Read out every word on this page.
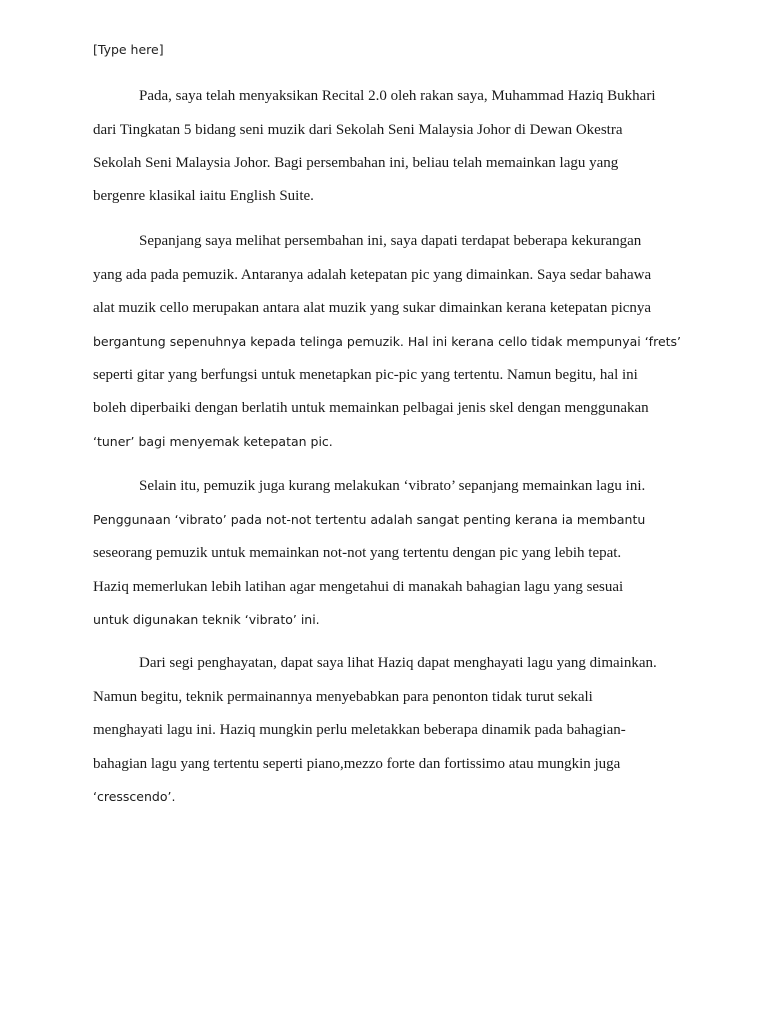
[Type here]
Pada, saya telah menyaksikan Recital 2.0 oleh rakan saya, Muhammad Haziq Bukhari
dari Tingkatan 5 bidang seni muzik dari Sekolah Seni Malaysia Johor di Dewan Okestra
Sekolah Seni Malaysia Johor. Bagi persembahan ini, beliau telah memainkan lagu yang
bergenre klasikal iaitu English Suite.
Sepanjang saya melihat persembahan ini, saya dapati terdapat beberapa kekurangan
yang ada pada pemuzik. Antaranya adalah ketepatan pic yang dimainkan. Saya sedar bahawa
alat muzik cello merupakan antara alat muzik yang sukar dimainkan kerana ketepatan picnya
bergantung sepenuhnya kepada telinga pemuzik. Hal ini kerana cello tidak mempunyai ‘frets’
seperti gitar yang berfungsi untuk menetapkan pic-pic yang tertentu. Namun begitu, hal ini
boleh diperbaiki dengan berlatih untuk memainkan pelbagai jenis skel dengan menggunakan
‘tuner’ bagi menyemak ketepatan pic.
Selain itu, pemuzik juga kurang melakukan ‘vibrato’ sepanjang memainkan lagu ini.
Penggunaan ‘vibrato’ pada not-not tertentu adalah sangat penting kerana ia membantu
seseorang pemuzik untuk memainkan not-not yang tertentu dengan pic yang lebih tepat.
Haziq memerlukan lebih latihan agar mengetahui di manakah bahagian lagu yang sesuai
untuk digunakan teknik ‘vibrato’ ini.
Dari segi penghayatan, dapat saya lihat Haziq dapat menghayati lagu yang dimainkan.
Namun begitu, teknik permainannya menyebabkan para penonton tidak turut sekali
menghayati lagu ini. Haziq mungkin perlu meletakkan beberapa dinamik pada bahagian-
bahagian lagu yang tertentu seperti piano,mezzo forte dan fortissimo atau mungkin juga
‘cresscendo’.
